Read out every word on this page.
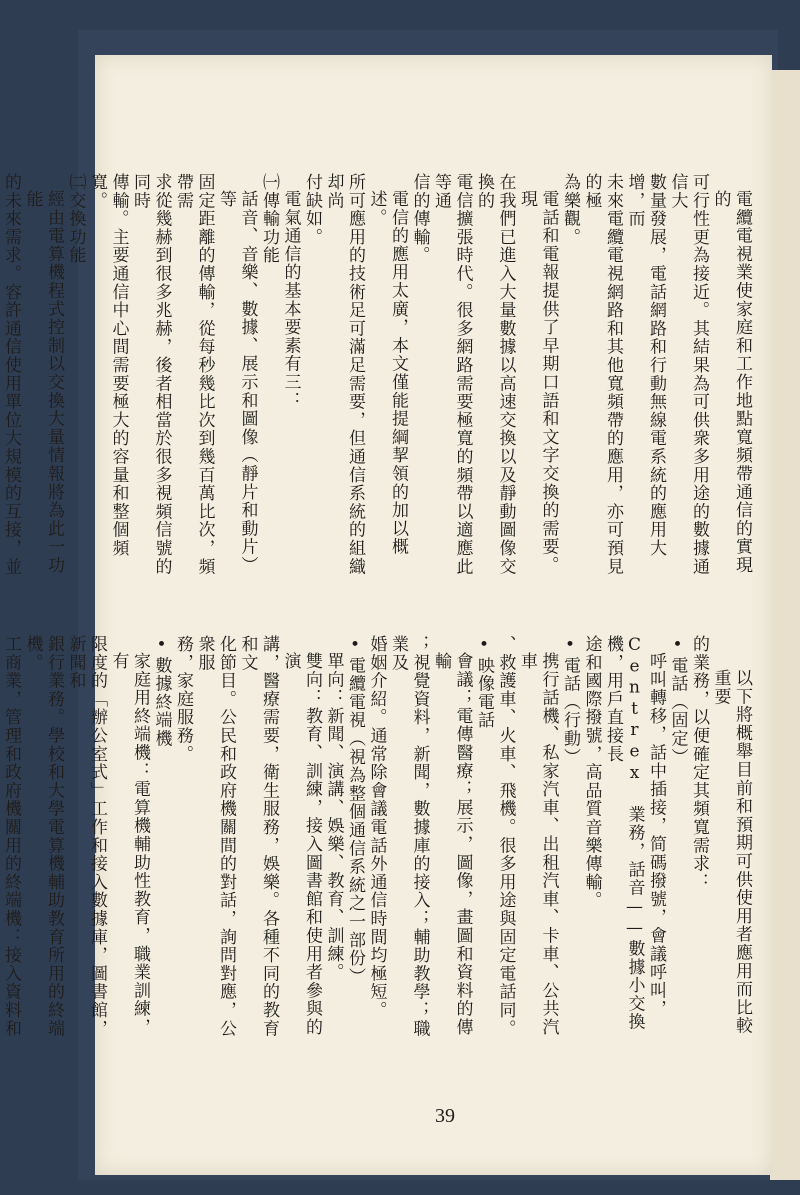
電纜電視業使家庭和工作地點寬頻帶通信的實現的

可行性更為接近。其結果為可供衆多用途的數據通信大

數量發展，電話網路和行動無線電系統的應用大增，而

未來電纜電視網路和其他寬頻帶的應用，亦可預見的極

為樂觀。

電話和電報提供了早期口語和文字交換的需要。現

在我們已進入大量數據以高速交換以及靜動圖像交換的

電信擴張時代。很多網路需要極寬的頻帶以適應此等通

信的傳輸。

電信的應用太廣，本文僅能提綱挈領的加以概述。

所可應用的技術足可滿足需要，但通信系統的組織却尚

付缺如。

電氣通信的基本要素有三：

㈠傳輸功能

話音、音樂、數據、展示和圖像（靜片和動片）等

固定距離的傳輸，從每秒幾比次到幾百萬比次，頻帶需

求從幾赫到很多兆赫，後者相當於很多視頻信號的同時

傳輸。主要通信中心間需要極大的容量和整個頻寬。

㈡交換功能

經由電算機程式控制以交換大量情報將為此一功能

的未來需求。容許通信使用單位大規模的互接，並

以下將概舉目前和預期可供使用者應用而比較重要

的業務，以便確定其頻寬需求：

•電話（固定）

呼叫轉移，話中插接，简碼撥號，會議呼叫，

Centrex 業務，話音——數據小交換機，用戶直接長

途和國際撥號，高品質音樂傳輸。

•電話（行動）

携行話機、私家汽車、出租汽車、卡車、公共汽車

、救護車、火車、飛機。很多用途與固定電話同。

•映像電話

會議；電傳醫療；展示，圖像，畫圖和資料的傳輸

；視覺資料，新聞，數據庫的接入；輔助教學；職業及

婚姻介紹。通常除會議電話外通信時間均極短。

•電纜電視（視為整個通信系統之一部份）

單向：新聞、演講、娛樂、教育、訓練。

雙向：教育、訓練，接入圖書館和使用者參與的演

講，醫療需要，衛生服務，娛樂。各種不同的教育和文

化節目。公民和政府機關間的對話，詢問對應，公衆服

務，家庭服務。

•數據終端機

家庭用終端機：電算機輔助性教育，職業訓練，有

限度的「辦公室式」工作和接入數據庫，圖書館，新聞和

銀行業務。學校和大學電算機輔助教育所用的終端機。

工商業，管理和政府機關用的終端機：接入資料和

39
